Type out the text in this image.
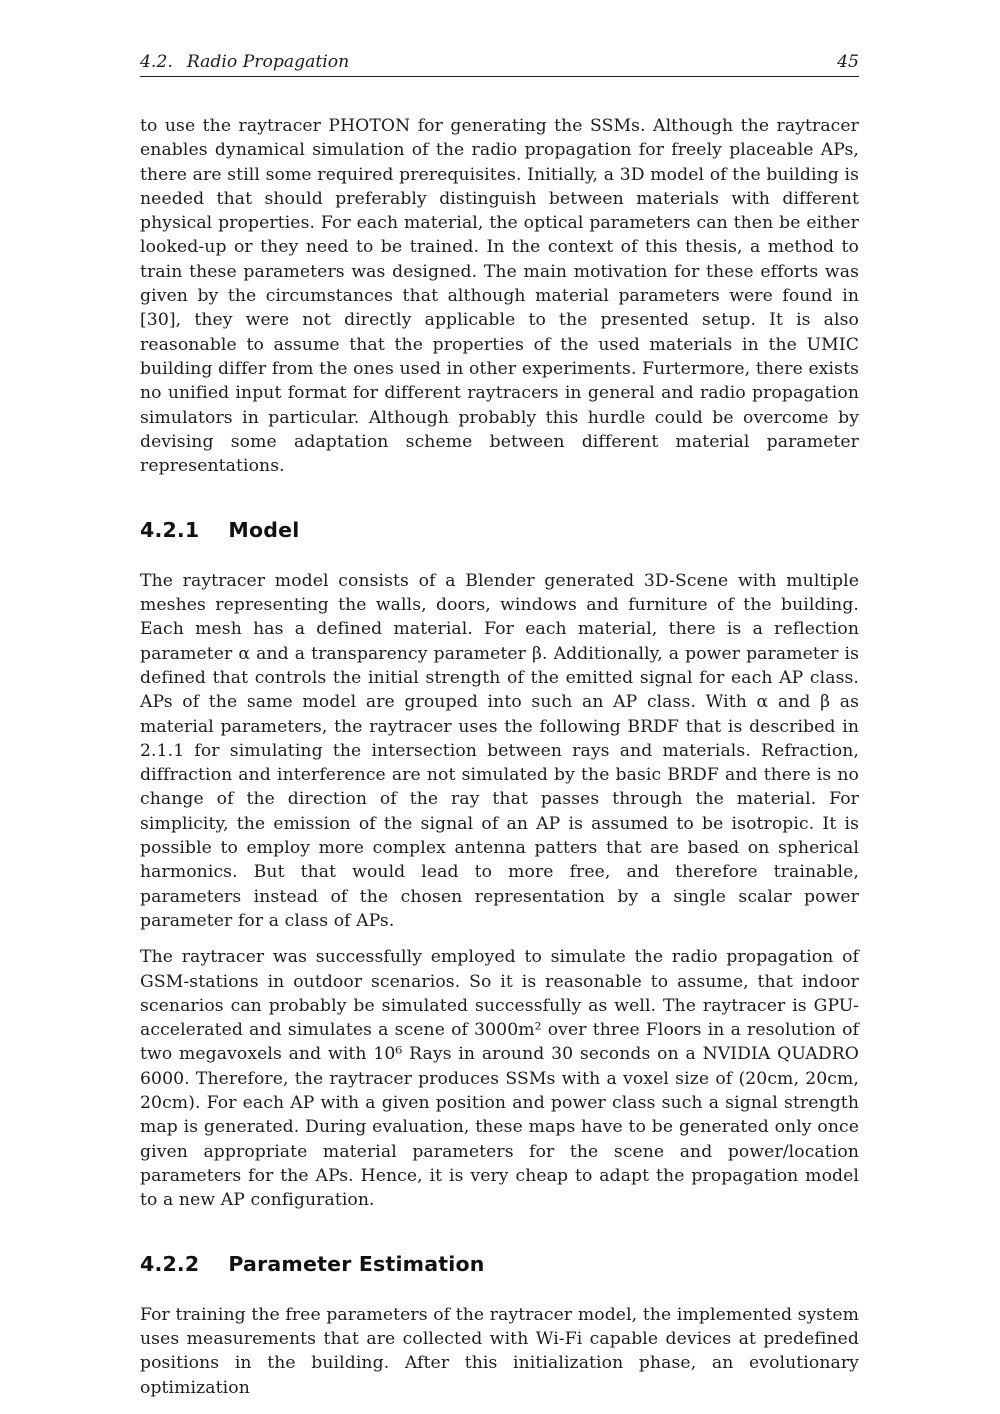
4.2. Radio Propagation	45

to use the raytracer PHOTON for generating the SSMs. Although the raytracer enables dynamical simulation of the radio propagation for freely placeable APs, there are still some required prerequisites. Initially, a 3D model of the building is needed that should preferably distinguish between materials with different physical properties. For each material, the optical parameters can then be either looked-up or they need to be trained. In the context of this thesis, a method to train these parameters was designed. The main motivation for these efforts was given by the circumstances that although material parameters were found in [30], they were not directly applicable to the presented setup. It is also reasonable to assume that the properties of the used materials in the UMIC building differ from the ones used in other experiments. Furtermore, there exists no unified input format for different raytracers in general and radio propagation simulators in particular. Although probably this hurdle could be overcome by devising some adaptation scheme between different material parameter representations.

4.2.1 Model

The raytracer model consists of a Blender generated 3D-Scene with multiple meshes representing the walls, doors, windows and furniture of the building. Each mesh has a defined material. For each material, there is a reflection parameter α and a transparency parameter β. Additionally, a power parameter is defined that controls the initial strength of the emitted signal for each AP class. APs of the same model are grouped into such an AP class. With α and β as material parameters, the raytracer uses the following BRDF that is described in 2.1.1 for simulating the intersection between rays and materials. Refraction, diffraction and interference are not simulated by the basic BRDF and there is no change of the direction of the ray that passes through the material. For simplicity, the emission of the signal of an AP is assumed to be isotropic. It is possible to employ more complex antenna patters that are based on spherical harmonics. But that would lead to more free, and therefore trainable, parameters instead of the chosen representation by a single scalar power parameter for a class of APs.

The raytracer was successfully employed to simulate the radio propagation of GSM-stations in outdoor scenarios. So it is reasonable to assume, that indoor scenarios can probably be simulated successfully as well. The raytracer is GPU-accelerated and simulates a scene of 3000m² over three Floors in a resolution of two megavoxels and with 10⁶ Rays in around 30 seconds on a NVIDIA QUADRO 6000. Therefore, the raytracer produces SSMs with a voxel size of (20cm, 20cm, 20cm). For each AP with a given position and power class such a signal strength map is generated. During evaluation, these maps have to be generated only once given appropriate material parameters for the scene and power/location parameters for the APs. Hence, it is very cheap to adapt the propagation model to a new AP configuration.

4.2.2 Parameter Estimation

For training the free parameters of the raytracer model, the implemented system uses measurements that are collected with Wi-Fi capable devices at predefined positions in the building. After this initialization phase, an evolutionary optimization
